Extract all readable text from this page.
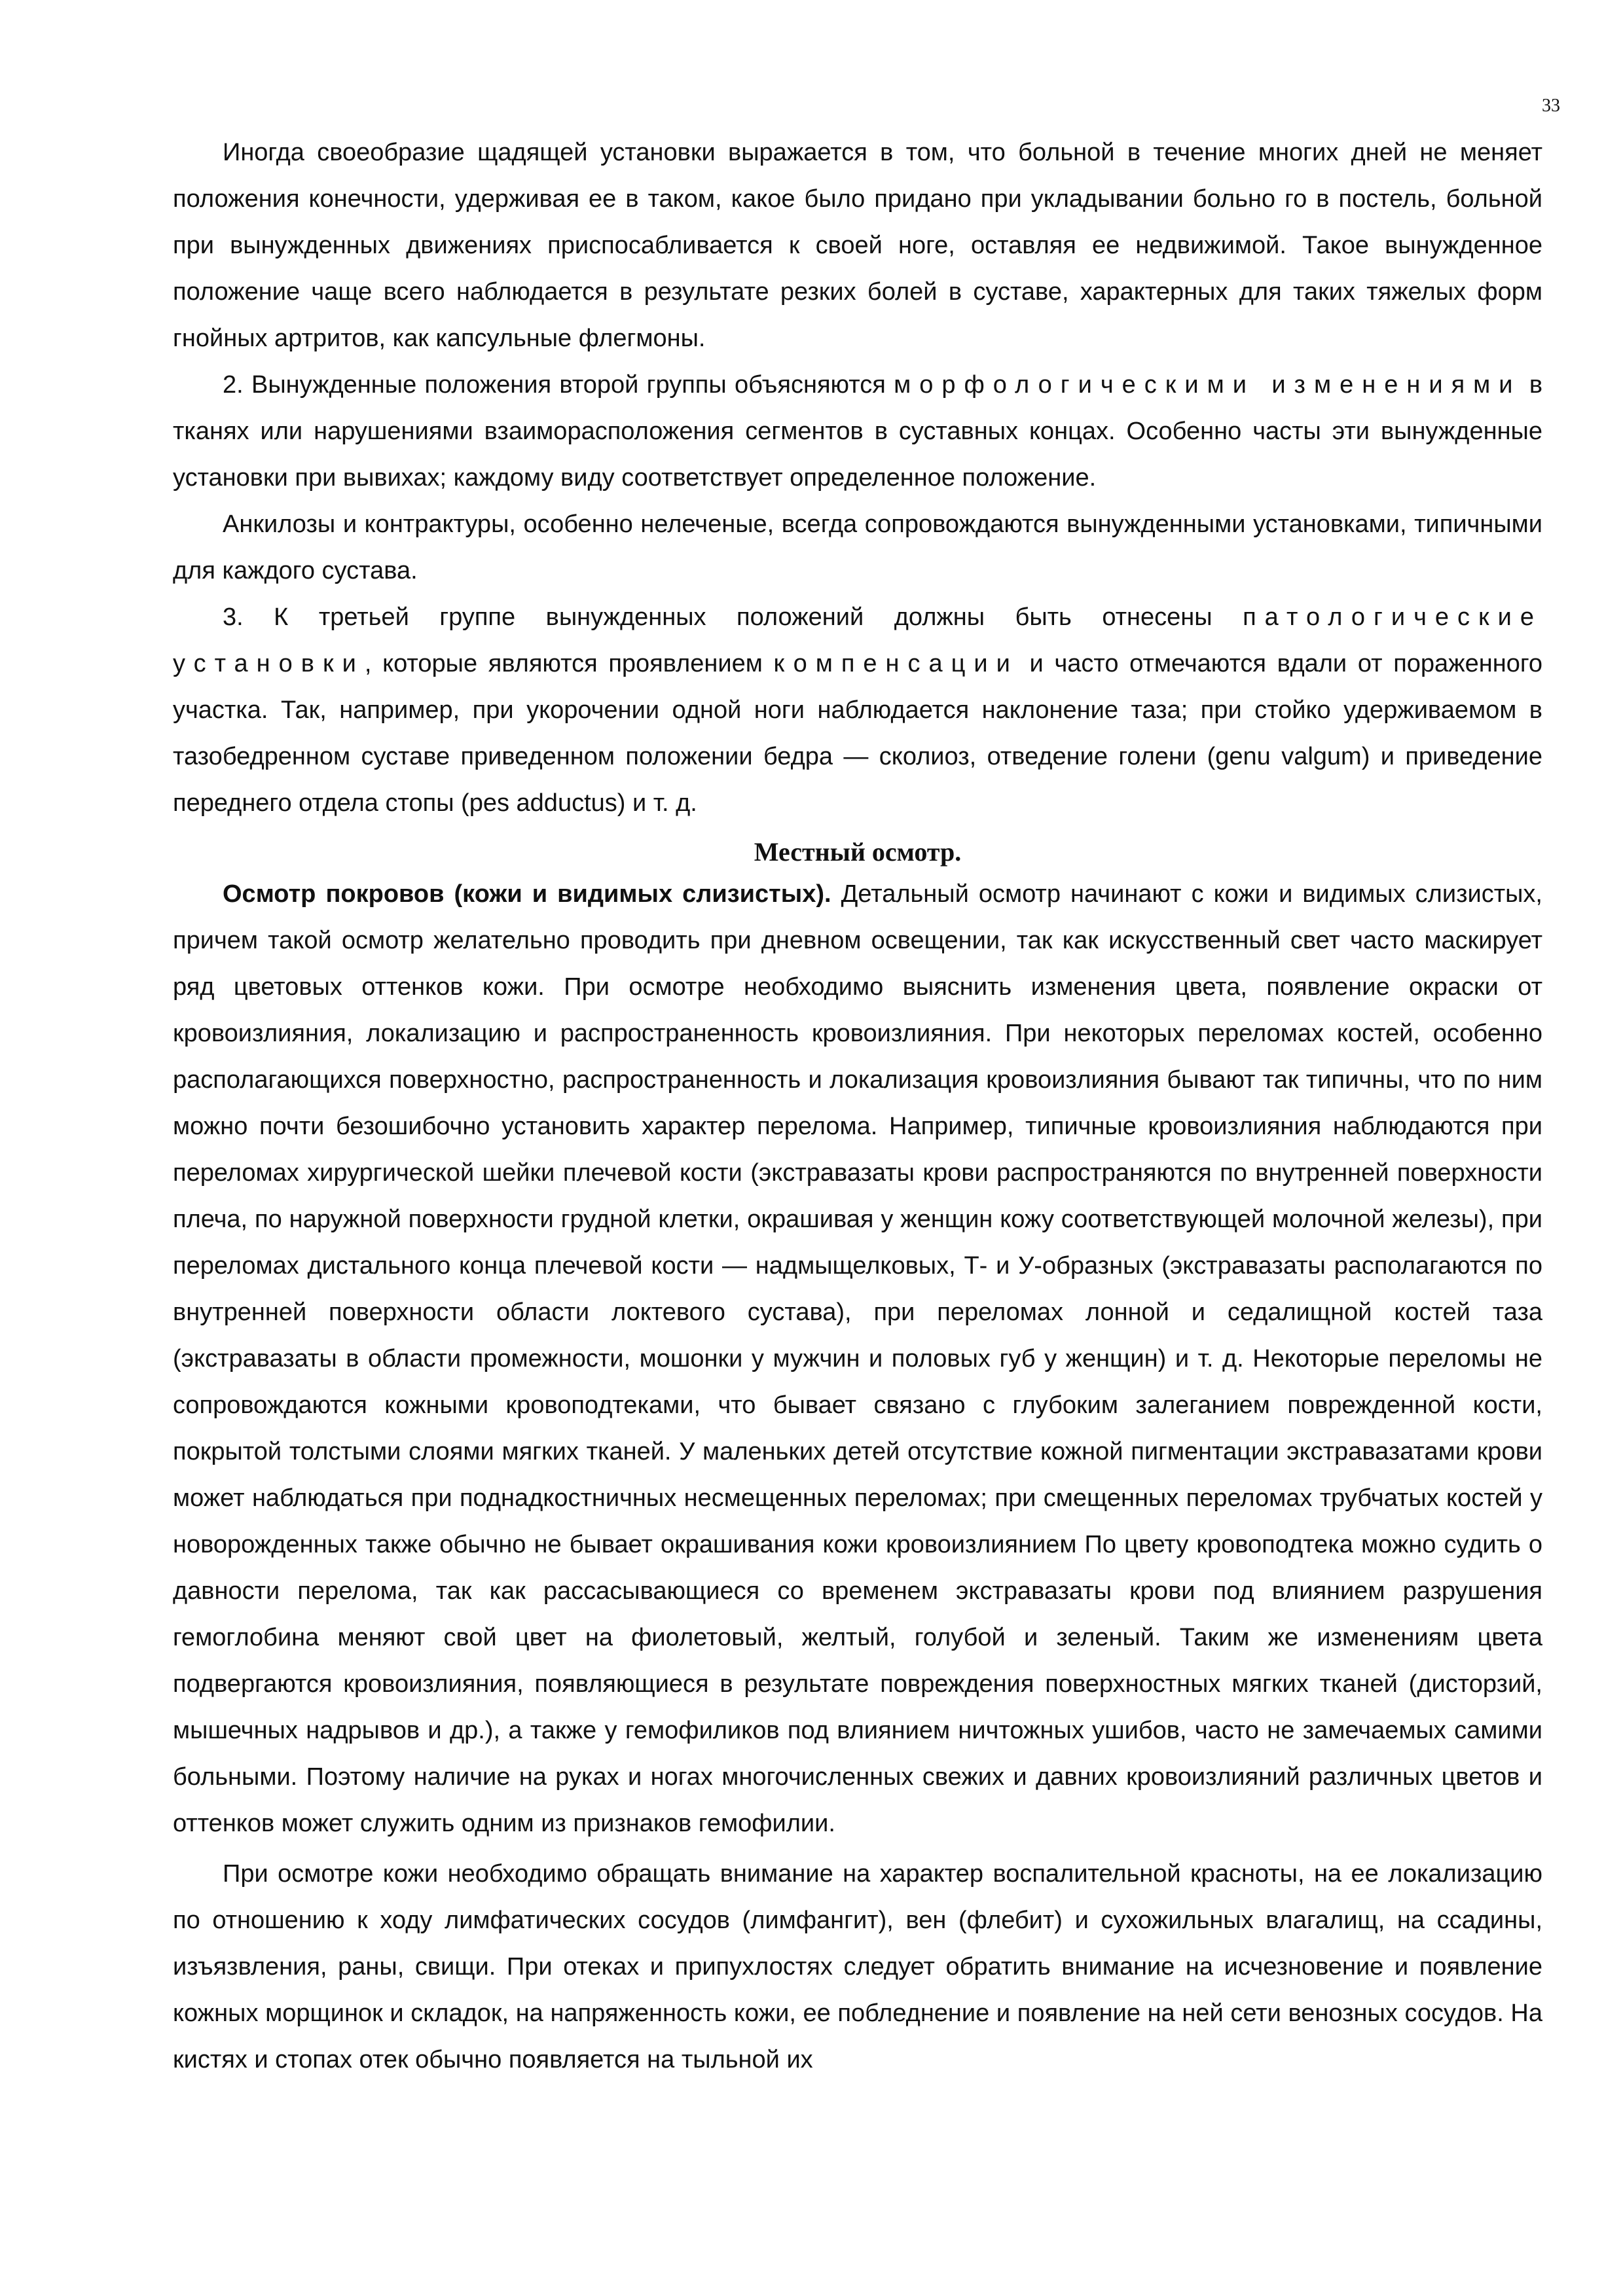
33

Иногда своеобразие щадящей установки выражается в том, что больной в течение многих дней не меняет положения конечности, удерживая ее в таком, какое было придано при укладывании больно го в постель, больной при вынужденных движениях приспосабливается к своей ноге, оставляя ее недвижимой. Такое вынужденное положение чаще всего наблюдается в результате резких болей в суставе, характерных для таких тяжелых форм гнойных артритов, как капсульные флегмоны.

2. Вынужденные положения второй группы объясняются морфологическими изменениями в тканях или нарушениями взаиморасположения сегментов в суставных концах. Особенно часты эти вынужденные установки при вывихах; каждому виду соответствует определенное положение.

Анкилозы и контрактуры, особенно нелеченые, всегда сопровождаются вынужденными установками, типичными для каждого сустава.

3. К третьей группе вынужденных положений должны быть отнесены патологические установки, которые являются проявлением компенсации и часто отмечаются вдали от пораженного участка. Так, например, при укорочении одной ноги наблюдается наклонение таза; при стойко удерживаемом в тазобедренном суставе приведенном положении бедра — сколиоз, отведение голени (genu valgum) и приведение переднего отдела стопы (pes adductus) и т. д.

Местный осмотр.

Осмотр покровов (кожи и видимых слизистых). Детальный осмотр начинают с кожи и видимых слизистых, причем такой осмотр желательно проводить при дневном освещении, так как искусственный свет часто маскирует ряд цветовых оттенков кожи. При осмотре необходимо выяснить изменения цвета, появление окраски от кровоизлияния, локализацию и распространенность кровоизлияния. При некоторых переломах костей, особенно располагающихся поверхностно, распространенность и локализация кровоизлияния бывают так типичны, что по ним можно почти безошибочно установить характер перелома. Например, типичные кровоизлияния наблюдаются при переломах хирургической шейки плечевой кости (экстравазаты крови распространяются по внутренней поверхности плеча, по наружной поверхности грудной клетки, окрашивая у женщин кожу соответствующей молочной железы), при переломах дистального конца плечевой кости — надмыщелковых, Т- и У-образных (экстравазаты располагаются по внутренней поверхности области локтевого сустава), при переломах лонной и седалищной костей таза (экстравазаты в области промежности, мошонки у мужчин и половых губ у женщин) и т. д. Некоторые переломы не сопровождаются кожными кровоподтеками, что бывает связано с глубоким залеганием поврежденной кости, покрытой толстыми слоями мягких тканей. У маленьких детей отсутствие кожной пигментации экстравазатами крови может наблюдаться при поднадкостничных несмещенных переломах; при смещенных переломах трубчатых костей у новорожденных также обычно не бывает окрашивания кожи кровоизлиянием По цвету кровоподтека можно судить о давности перелома, так как рассасывающиеся со временем экстравазаты крови под влиянием разрушения гемоглобина меняют свой цвет на фиолетовый, желтый, голубой и зеленый. Таким же изменениям цвета подвергаются кровоизлияния, появляющиеся в результате повреждения поверхностных мягких тканей (дисторзий, мышечных надрывов и др.), а также у гемофиликов под влиянием ничтожных ушибов, часто не замечаемых самими больными. Поэтому наличие на руках и ногах многочисленных свежих и давних кровоизлияний различных цветов и оттенков может служить одним из признаков гемофилии.

При осмотре кожи необходимо обращать внимание на характер воспалительной красноты, на ее локализацию по отношению к ходу лимфатических сосудов (лимфангит), вен (флебит) и сухожильных влагалищ, на ссадины, изъязвления, раны, свищи. При отеках и припухлостях следует обратить внимание на исчезновение и появление кожных морщинок и складок, на напряженность кожи, ее побледнение и появление на ней сети венозных сосудов. На кистях и стопах отек обычно появляется на тыльной их
